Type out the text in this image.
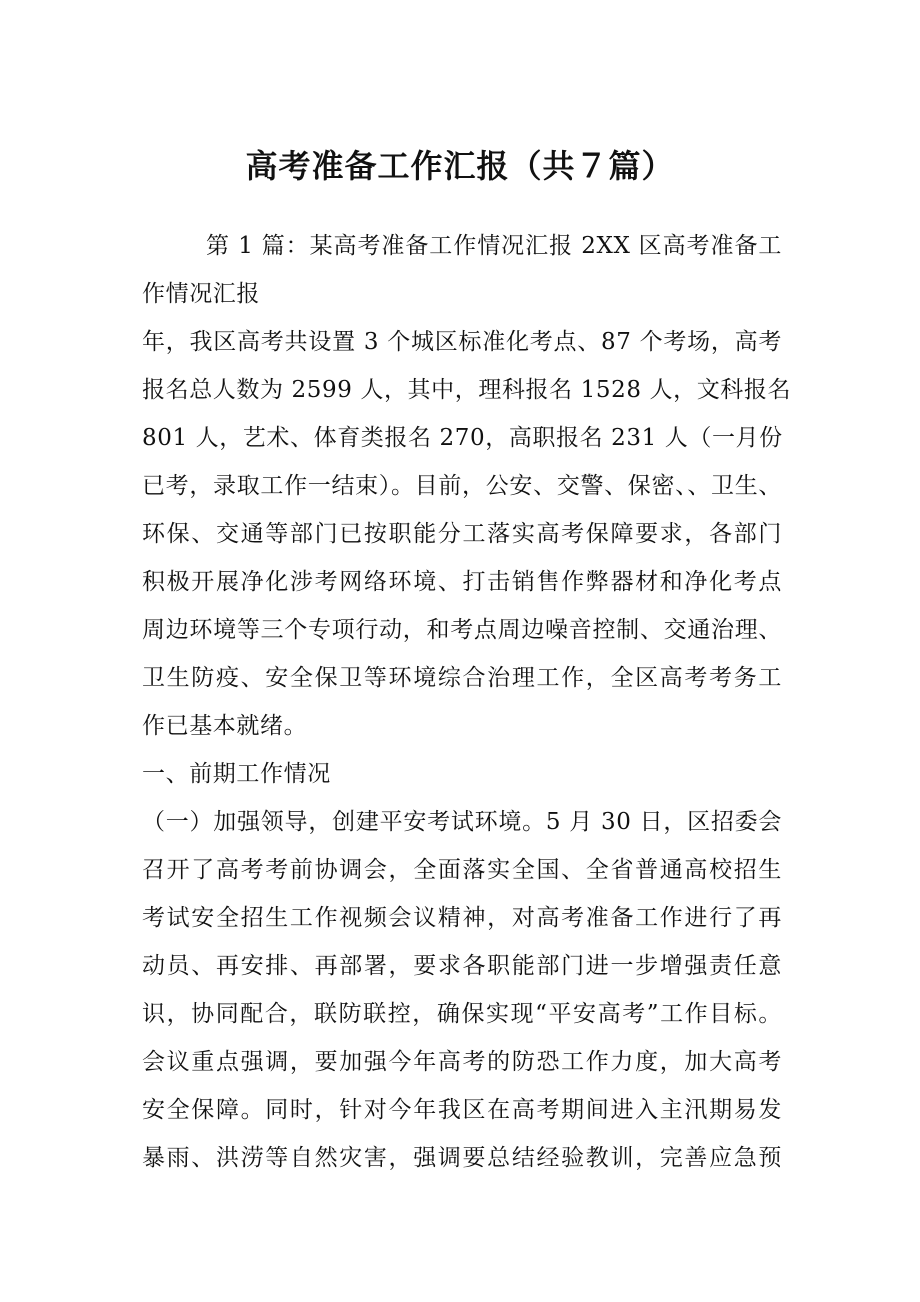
高考准备工作汇报（共７篇）
第 1 篇：某高考准备工作情况汇报 2XX 区高考准备工
作情况汇报
年，我区高考共设置 3 个城区标准化考点、87 个考场，高考
报名总人数为 2599 人，其中，理科报名 1528 人，文科报名
801 人，艺术、体育类报名 270，高职报名 231 人（一月份
已考，录取工作一结束）。目前，公安、交警、保密、、卫生、
环保、交通等部门已按职能分工落实高考保障要求，各部门
积极开展净化涉考网络环境、打击销售作弊器材和净化考点
周边环境等三个专项行动，和考点周边噪音控制、交通治理、
卫生防疫、安全保卫等环境综合治理工作，全区高考考务工
作已基本就绪。
一、前期工作情况
（一）加强领导，创建平安考试环境。5 月 30 日，区招委会
召开了高考考前协调会，全面落实全国、全省普通高校招生
考试安全招生工作视频会议精神，对高考准备工作进行了再
动员、再安排、再部署，要求各职能部门进一步增强责任意
识，协同配合，联防联控，确保实现“平安高考”工作目标。
会议重点强调，要加强今年高考的防恐工作力度，加大高考
安全保障。同时，针对今年我区在高考期间进入主汛期易发
暴雨、洪涝等自然灾害，强调要总结经验教训，完善应急预
